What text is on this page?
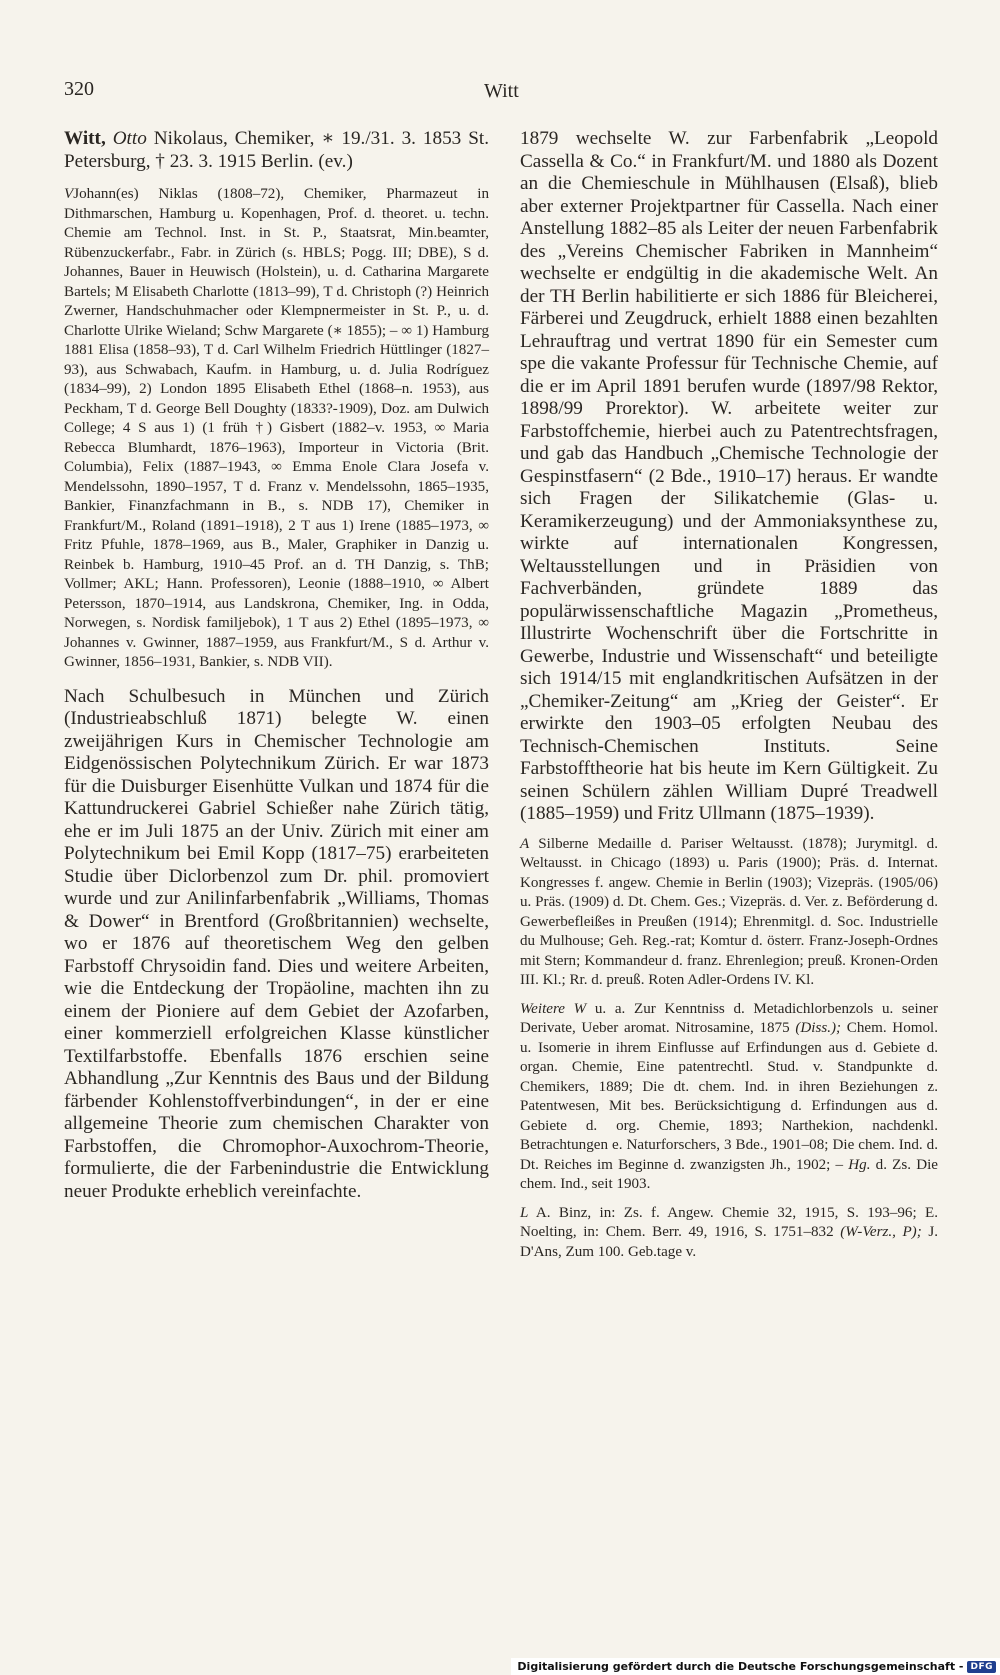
320	Witt

Witt, Otto Nikolaus, Chemiker, ∗ 19./31. 3. 1853 St. Petersburg, † 23. 3. 1915 Berlin. (ev.)

VJohann(es) Niklas (1808–72), Chemiker, Pharmazeut in Dithmarschen, Hamburg u. Kopenhagen, Prof. d. theoret. u. techn. Chemie am Technol. Inst. in St. P., Staatsrat, Min.beamter, Rübenzuckerfabr., Fabr. in Zürich (s. HBLS; Pogg. III; DBE), S d. Johannes, Bauer in Heuwisch (Holstein), u. d. Catharina Margarete Bartels; M Elisabeth Charlotte (1813–99), T d. Christoph (?) Heinrich Zwerner, Handschuhmacher oder Klempnermeister in St. P., u. d. Charlotte Ulrike Wieland; Schw Margarete (∗ 1855); – ∞ 1) Hamburg 1881 Elisa (1858–93), T d. Carl Wilhelm Friedrich Hüttlinger (1827–93), aus Schwabach, Kaufm. in Hamburg, u. d. Julia Rodríguez (1834–99), 2) London 1895 Elisabeth Ethel (1868–n. 1953), aus Peckham, T d. George Bell Doughty (1833?-1909), Doz. am Dulwich College; 4 S aus 1) (1 früh †) Gisbert (1882–v. 1953, ∞ Maria Rebecca Blumhardt, 1876–1963), Importeur in Victoria (Brit. Columbia), Felix (1887–1943, ∞ Emma Enole Clara Josefa v. Mendelssohn, 1890–1957, T d. Franz v. Mendelssohn, 1865–1935, Bankier, Finanzfachmann in B., s. NDB 17), Chemiker in Frankfurt/M., Roland (1891–1918), 2 T aus 1) Irene (1885–1973, ∞ Fritz Pfuhle, 1878–1969, aus B., Maler, Graphiker in Danzig u. Reinbek b. Hamburg, 1910–45 Prof. an d. TH Danzig, s. ThB; Vollmer; AKL; Hann. Professoren), Leonie (1888–1910, ∞ Albert Petersson, 1870–1914, aus Landskrona, Chemiker, Ing. in Odda, Norwegen, s. Nordisk familjebok), 1 T aus 2) Ethel (1895–1973, ∞ Johannes v. Gwinner, 1887–1959, aus Frankfurt/M., S d. Arthur v. Gwinner, 1856–1931, Bankier, s. NDB VII).

Nach Schulbesuch in München und Zürich (Industrieabschluß 1871) belegte W. einen zweijährigen Kurs in Chemischer Technologie am Eidgenössischen Polytechnikum Zürich. Er war 1873 für die Duisburger Eisenhütte Vulkan und 1874 für die Kattundruckerei Gabriel Schießer nahe Zürich tätig, ehe er im Juli 1875 an der Univ. Zürich mit einer am Polytechnikum bei Emil Kopp (1817–75) erarbeiteten Studie über Diclorbenzol zum Dr. phil. promoviert wurde und zur Anilinfarbenfabrik „Williams, Thomas & Dower“ in Brentford (Großbritannien) wechselte, wo er 1876 auf theoretischem Weg den gelben Farbstoff Chrysoidin fand. Dies und weitere Arbeiten, wie die Entdeckung der Tropäoline, machten ihn zu einem der Pioniere auf dem Gebiet der Azofarben, einer kommerziell erfolgreichen Klasse künstlicher Textilfarbstoffe. Ebenfalls 1876 erschien seine Abhandlung „Zur Kenntnis des Baus und der Bildung färbender Kohlenstoffverbindungen“, in der er eine allgemeine Theorie zum chemischen Charakter von Farbstoffen, die Chromophor-Auxochrom-Theorie, formulierte, die der Farbenindustrie die Entwicklung neuer Produkte erheblich vereinfachte.

1879 wechselte W. zur Farbenfabrik „Leopold Cassella & Co.“ in Frankfurt/M. und 1880 als Dozent an die Chemieschule in Mühlhausen (Elsaß), blieb aber externer Projektpartner für Cassella. Nach einer Anstellung 1882–85 als Leiter der neuen Farbenfabrik des „Vereins Chemischer Fabriken in Mannheim“ wechselte er endgültig in die akademische Welt. An der TH Berlin habilitierte er sich 1886 für Bleicherei, Färberei und Zeugdruck, erhielt 1888 einen bezahlten Lehrauftrag und vertrat 1890 für ein Semester cum spe die vakante Professur für Technische Chemie, auf die er im April 1891 berufen wurde (1897/98 Rektor, 1898/99 Prorektor). W. arbeitete weiter zur Farbstoffchemie, hierbei auch zu Patentrechtsfragen, und gab das Handbuch „Chemische Technologie der Gespinstfasern“ (2 Bde., 1910–17) heraus. Er wandte sich Fragen der Silikatchemie (Glas- u. Keramikerzeugung) und der Ammoniaksynthese zu, wirkte auf internationalen Kongressen, Weltausstellungen und in Präsidien von Fachverbänden, gründete 1889 das populärwissenschaftliche Magazin „Prometheus, Illustrirte Wochenschrift über die Fortschritte in Gewerbe, Industrie und Wissenschaft“ und beteiligte sich 1914/15 mit englandkritischen Aufsätzen in der „Chemiker-Zeitung“ am „Krieg der Geister“. Er erwirkte den 1903–05 erfolgten Neubau des Technisch-Chemischen Instituts. Seine Farbstofftheorie hat bis heute im Kern Gültigkeit. Zu seinen Schülern zählen William Dupré Treadwell (1885–1959) und Fritz Ullmann (1875–1939).

A Silberne Medaille d. Pariser Weltausst. (1878); Jurymitgl. d. Weltausst. in Chicago (1893) u. Paris (1900); Präs. d. Internat. Kongresses f. angew. Chemie in Berlin (1903); Vizepräs. (1905/06) u. Präs. (1909) d. Dt. Chem. Ges.; Vizepräs. d. Ver. z. Beförderung d. Gewerbefleißes in Preußen (1914); Ehrenmitgl. d. Soc. Industrielle du Mulhouse; Geh. Reg.-rat; Komtur d. österr. Franz-Joseph-Ordnes mit Stern; Kommandeur d. franz. Ehrenlegion; preuß. Kronen-Orden III. Kl.; Rr. d. preuß. Roten Adler-Ordens IV. Kl.

Weitere W u. a. Zur Kenntniss d. Metadichlorbenzols u. seiner Derivate, Ueber aromat. Nitrosamine, 1875 (Diss.); Chem. Homol. u. Isomerie in ihrem Einflusse auf Erfindungen aus d. Gebiete d. organ. Chemie, Eine patentrechtl. Stud. v. Standpunkte d. Chemikers, 1889; Die dt. chem. Ind. in ihren Beziehungen z. Patentwesen, Mit bes. Berücksichtigung d. Erfindungen aus d. Gebiete d. org. Chemie, 1893; Narthekion, nachdenkl. Betrachtungen e. Naturforschers, 3 Bde., 1901–08; Die chem. Ind. d. Dt. Reiches im Beginne d. zwanzigsten Jh., 1902; – Hg. d. Zs. Die chem. Ind., seit 1903.

L A. Binz, in: Zs. f. Angew. Chemie 32, 1915, S. 193–96; E. Noelting, in: Chem. Berr. 49, 1916, S. 1751–832 (W-Verz., P); J. D'Ans, Zum 100. Geb.tage v.

Digitalisierung gefördert durch die Deutsche Forschungsgemeinschaft - DFG
